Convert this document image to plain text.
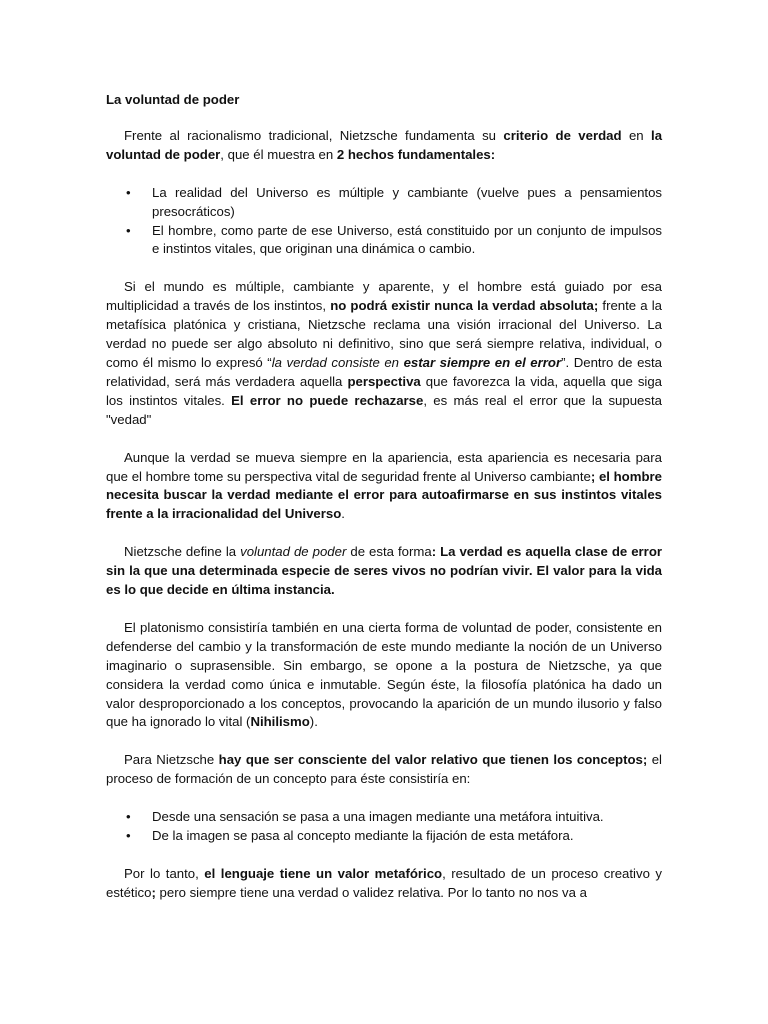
La voluntad de poder

Frente al racionalismo tradicional, Nietzsche fundamenta su criterio de verdad en la voluntad de poder, que él muestra en 2 hechos fundamentales:

• La realidad del Universo es múltiple y cambiante (vuelve pues a pensamientos presocráticos)
• El hombre, como parte de ese Universo, está constituido por un conjunto de impulsos e instintos vitales, que originan una dinámica o cambio.

Si el mundo es múltiple, cambiante y aparente, y el hombre está guiado por esa multiplicidad a través de los instintos, no podrá existir nunca la verdad absoluta; frente a la metafísica platónica y cristiana, Nietzsche reclama una visión irracional del Universo. La verdad no puede ser algo absoluto ni definitivo, sino que será siempre relativa, individual, o como él mismo lo expresó “la verdad consiste en estar siempre en el error”. Dentro de esta relatividad, será más verdadera aquella perspectiva que favorezca la vida, aquella que siga los instintos vitales. El error no puede rechazarse, es más real el error que la supuesta "vedad"

Aunque la verdad se mueva siempre en la apariencia, esta apariencia es necesaria para que el hombre tome su perspectiva vital de seguridad frente al Universo cambiante; el hombre necesita buscar la verdad mediante el error para autoafirmarse en sus instintos vitales frente a la irracionalidad del Universo.

Nietzsche define la voluntad de poder de esta forma: La verdad es aquella clase de error sin la que una determinada especie de seres vivos no podrían vivir. El valor para la vida es lo que decide en última instancia.

El platonismo consistiría también en una cierta forma de voluntad de poder, consistente en defenderse del cambio y la transformación de este mundo mediante la noción de un Universo imaginario o suprasensible. Sin embargo, se opone a la postura de Nietzsche, ya que considera la verdad como única e inmutable. Según éste, la filosofía platónica ha dado un valor desproporcionado a los conceptos, provocando la aparición de un mundo ilusorio y falso que ha ignorado lo vital (Nihilismo).

Para Nietzsche hay que ser consciente del valor relativo que tienen los conceptos; el proceso de formación de un concepto para éste consistiría en:

• Desde una sensación se pasa a una imagen mediante una metáfora intuitiva.
• De la imagen se pasa al concepto mediante la fijación de esta metáfora.

Por lo tanto, el lenguaje tiene un valor metafórico, resultado de un proceso creativo y estético; pero siempre tiene una verdad o validez relativa. Por lo tanto no nos va a
